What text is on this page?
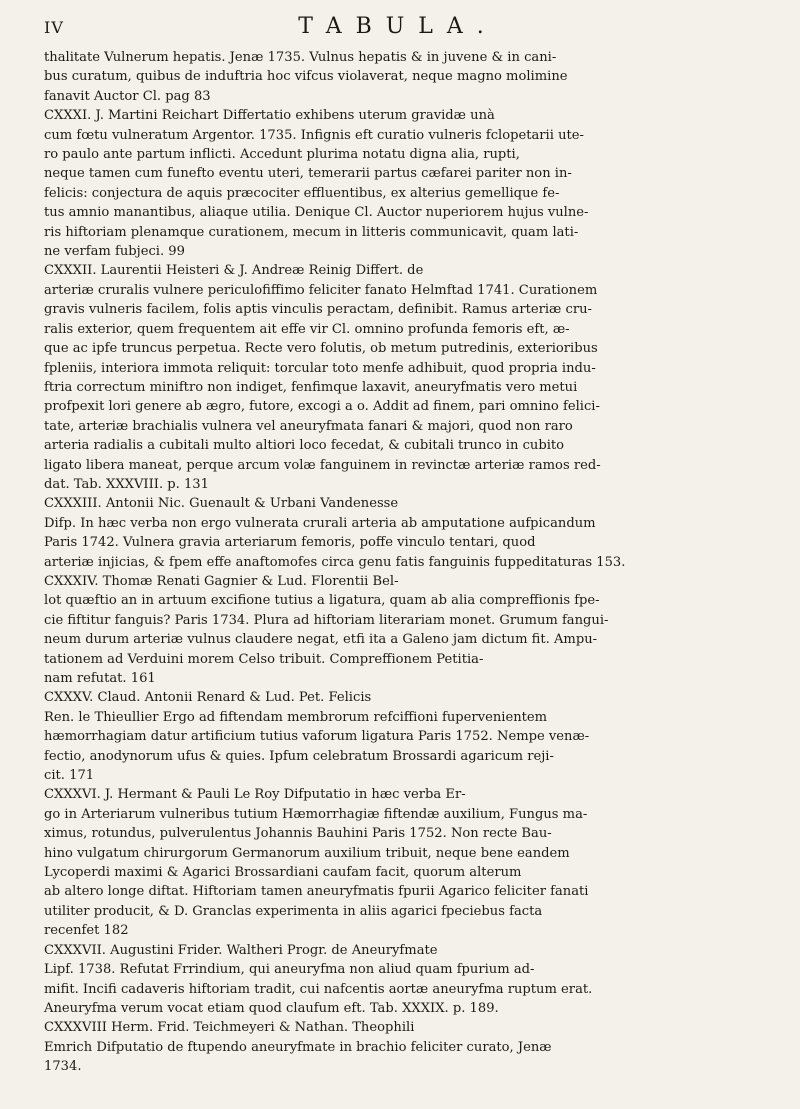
IV	TABULA.
thalitate Vulnerum hepatis. Jenæ 1735. Vulnus hepatis & in juvene & in cani-
bus curatum, quibus de induftria hoc vifcus violaverat, neque magno molimine
fanavit Auctor Cl. pag 83
CXXXI. J. Martini Reichart Differtatio exhibens uterum gravidæ unà
cum fœtu vulneratum Argentor. 1735. Infignis eft curatio vulneris fclopetarii ute-
ro paulo ante partum inflicti. Accedunt plurima notatu digna alia, rupti,
neque tamen cum funefto eventu uteri, temerarii partus cæfarei pariter non in-
felicis: conjectura de aquis præcociter effluentibus, ex alterius gemellique fe-
tus amnio manantibus, aliaque utilia. Denique Cl. Auctor nuperiorem hujus vulne-
ris hiftoriam plenamque curationem, mecum in litteris communicavit, quam lati-
ne verfam fubjeci. 99
CXXXII. Laurentii Heisteri & J. Andreæ Reinig Differt. de
arteriæ cruralis vulnere periculofiffimo feliciter fanato Helmftad 1741. Curationem
gravis vulneris facilem, folis aptis vinculis peractam, definibit. Ramus arteriæ cru-
ralis exterior, quem frequentem ait effe vir Cl. omnino profunda femoris eft, æ-
que ac ipfe truncus perpetua. Recte vero folutis, ob metum putredinis, exterioribus
fpleniis, interiora immota reliquit: torcular toto menfe adhibuit, quod propria indu-
ftria correctum miniftro non indiget, fenfimque laxavit, aneuryfmatis vero metui
profpexit lori genere ab ægro, futore, excogi a o. Addit ad finem, pari omnino felici-
tate, arteriæ brachialis vulnera vel aneuryfmata fanari & majori, quod non raro
arteria radialis a cubitali multo altiori loco fecedat, & cubitali trunco in cubito
ligato libera maneat, perque arcum volæ fanguinem in revinctæ arteriæ ramos red-
dat. Tab. XXXVIII. p. 131
CXXXIII. Antonii Nic. Guenault & Urbani Vandenesse
Difp. In hæc verba non ergo vulnerata crurali arteria ab amputatione aufpicandum
Paris 1742. Vulnera gravia arteriarum femoris, poffe vinculo tentari, quod
arteriæ injicias, & fpem effe anaftomofes circa genu fatis fanguinis fuppeditaturas 153.
CXXXIV. Thomæ Renati Gagnier & Lud. Florentii Bel-
lot quæftio an in artuum excifione tutius a ligatura, quam ab alia compreffionis fpe-
cie fiftitur fanguis? Paris 1734. Plura ad hiftoriam literariam monet. Grumum fangui-
neum durum arteriæ vulnus claudere negat, etfi ita a Galeno jam dictum fit. Ampu-
tationem ad Verduini morem Celso tribuit. Compreffionem Petitia-
nam refutat. 161
CXXXV. Claud. Antonii Renard & Lud. Pet. Felicis
Ren. le Thieullier Ergo ad fiftendam membrorum refciffioni fupervenientem
hæmorrhagiam datur artificium tutius vaforum ligatura Paris 1752. Nempe venæ-
fectio, anodynorum ufus & quies. Ipfum celebratum Brossardi agaricum reji-
cit. 171
CXXXVI. J. Hermant & Pauli Le Roy Difputatio in hæc verba Er-
go in Arteriarum vulneribus tutium Hæmorrhagiæ fiftendæ auxilium, Fungus ma-
ximus, rotundus, pulverulentus Johannis Bauhini Paris 1752. Non recte Bau-
hino vulgatum chirurgorum Germanorum auxilium tribuit, neque bene eandem
Lycoperdi maximi & Agarici Brossardiani caufam facit, quorum alterum
ab altero longe diftat. Hiftoriam tamen aneuryfmatis fpurii Agarico feliciter fanati
utiliter producit, & D. Granclas experimenta in aliis agarici fpeciebus facta
recenfet 182
CXXXVII. Augustini Frider. Waltheri Progr. de Aneuryfmate
Lipf. 1738. Refutat Frrindium, qui aneuryfma non aliud quam fpurium ad-
mifit. Incifi cadaveris hiftoriam tradit, cui nafcentis aortæ aneuryfma ruptum erat.
Aneuryfma verum vocat etiam quod claufum eft. Tab. XXXIX. p. 189.
CXXXVIII Herm. Frid. Teichmeyeri & Nathan. Theophili
Emrich Difputatio de ftupendo aneuryfmate in brachio feliciter curato, Jenæ
1734.
